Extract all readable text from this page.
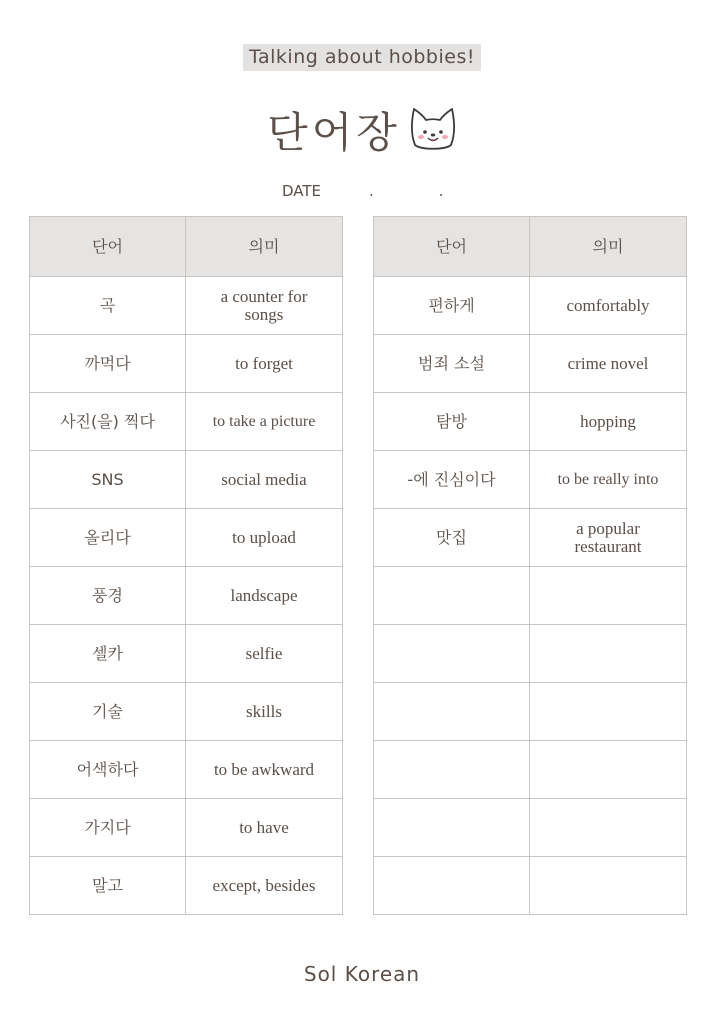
Talking about hobbies!
단어장
DATE	. .
단어	의미
곡	a counter for songs
까먹다	to forget
사진(을) 찍다	to take a picture
SNS	social media
올리다	to upload
풍경	landscape
셀카	selfie
기술	skills
어색하다	to be awkward
가지다	to have
말고	except, besides
단어	의미
편하게	comfortably
범죄 소설	crime novel
탐방	hopping
-에 진심이다	to be really into
맛집	a popular restaurant

Sol Korean
